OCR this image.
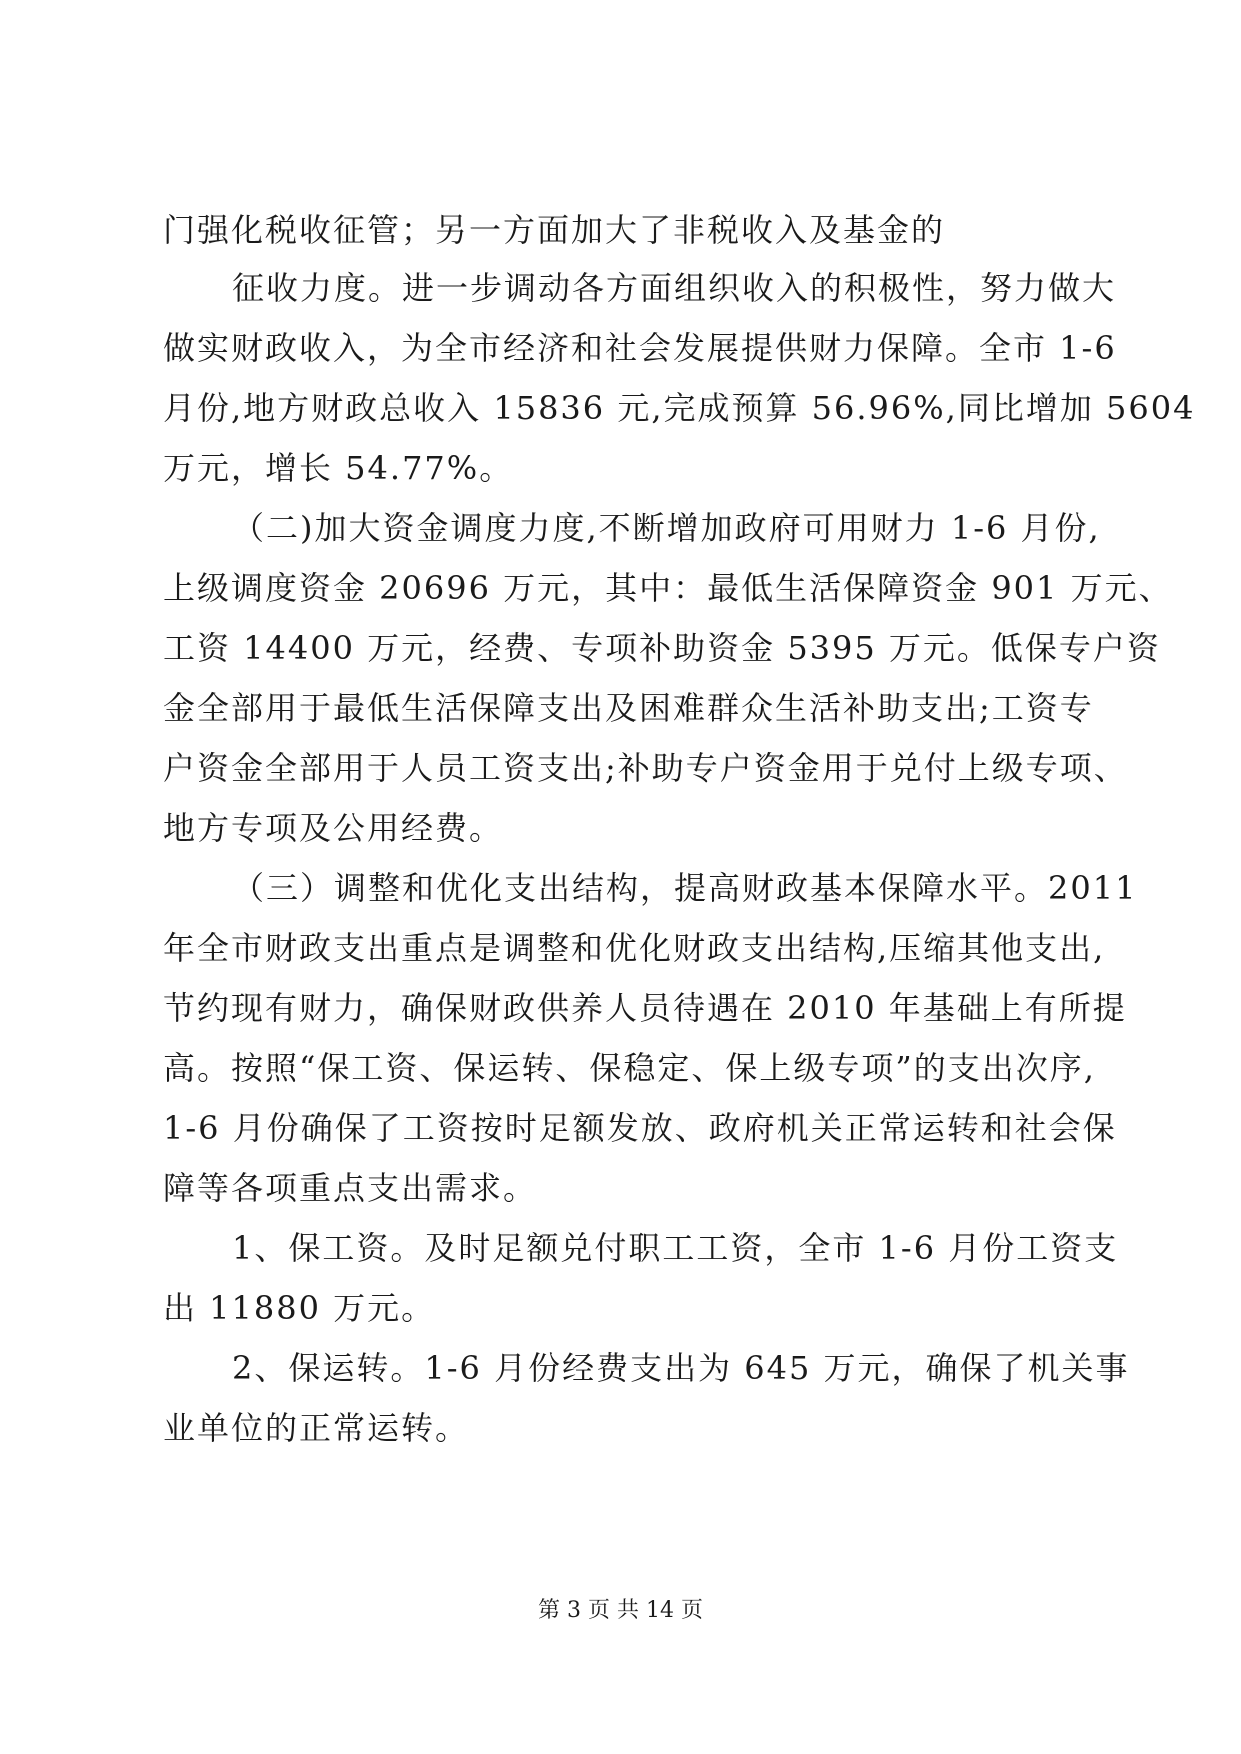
门强化税收征管；另一方面加大了非税收入及基金的
征收力度。进一步调动各方面组织收入的积极性，努力做大
做实财政收入，为全市经济和社会发展提供财力保障。全市 1-6
月份,地方财政总收入 15836 元,完成预算 56.96%,同比增加 5604
万元，增长 54.77%。
（二)加大资金调度力度,不断增加政府可用财力 1-6 月份,
上级调度资金 20696 万元，其中：最低生活保障资金 901 万元、
工资 14400 万元，经费、专项补助资金 5395 万元。低保专户资
金全部用于最低生活保障支出及困难群众生活补助支出;工资专
户资金全部用于人员工资支出;补助专户资金用于兑付上级专项、
地方专项及公用经费。
（三）调整和优化支出结构，提高财政基本保障水平。2011
年全市财政支出重点是调整和优化财政支出结构,压缩其他支出,
节约现有财力，确保财政供养人员待遇在 2010 年基础上有所提
高。按照“保工资、保运转、保稳定、保上级专项”的支出次序,
1-6 月份确保了工资按时足额发放、政府机关正常运转和社会保
障等各项重点支出需求。
1、保工资。及时足额兑付职工工资，全市 1-6 月份工资支
出 11880 万元。
2、保运转。1-6 月份经费支出为 645 万元，确保了机关事
业单位的正常运转。
第 3 页 共 14 页
